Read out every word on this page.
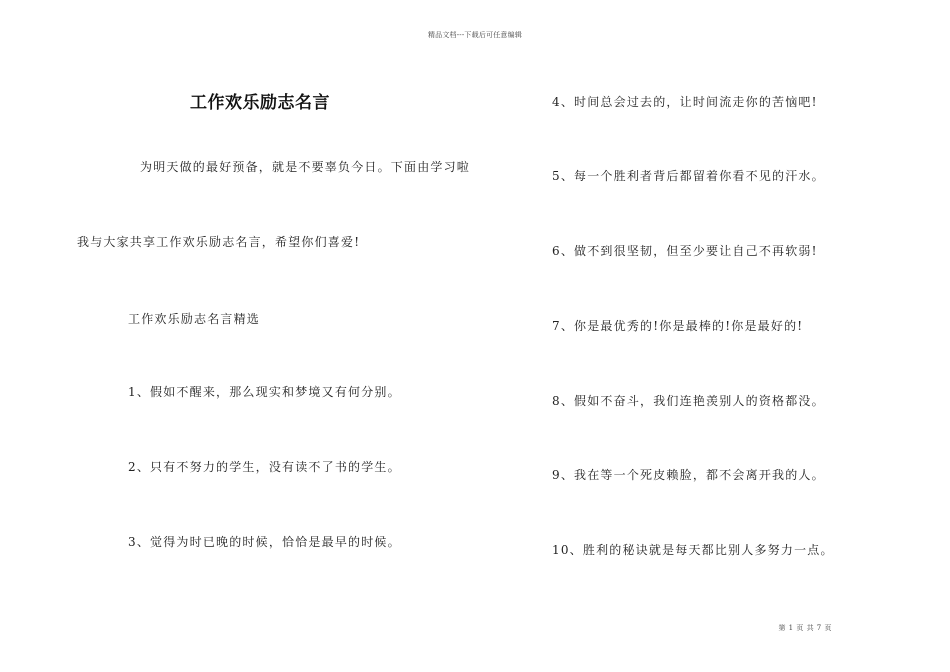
精品文档---下载后可任意编辑
工作欢乐励志名言
为明天做的最好预备，就是不要辜负今日。下面由学习啦
我与大家共享工作欢乐励志名言，希望你们喜爱!
工作欢乐励志名言精选
1、假如不醒来，那么现实和梦境又有何分别。
2、只有不努力的学生，没有读不了书的学生。
3、觉得为时已晚的时候，恰恰是最早的时候。
4、时间总会过去的，让时间流走你的苦恼吧!
5、每一个胜利者背后都留着你看不见的汗水。
6、做不到很坚韧，但至少要让自己不再软弱!
7、你是最优秀的!你是最棒的!你是最好的!
8、假如不奋斗，我们连艳羡别人的资格都没。
9、我在等一个死皮赖脸，都不会离开我的人。
10、胜利的秘诀就是每天都比别人多努力一点。
第 1 页 共 7 页
